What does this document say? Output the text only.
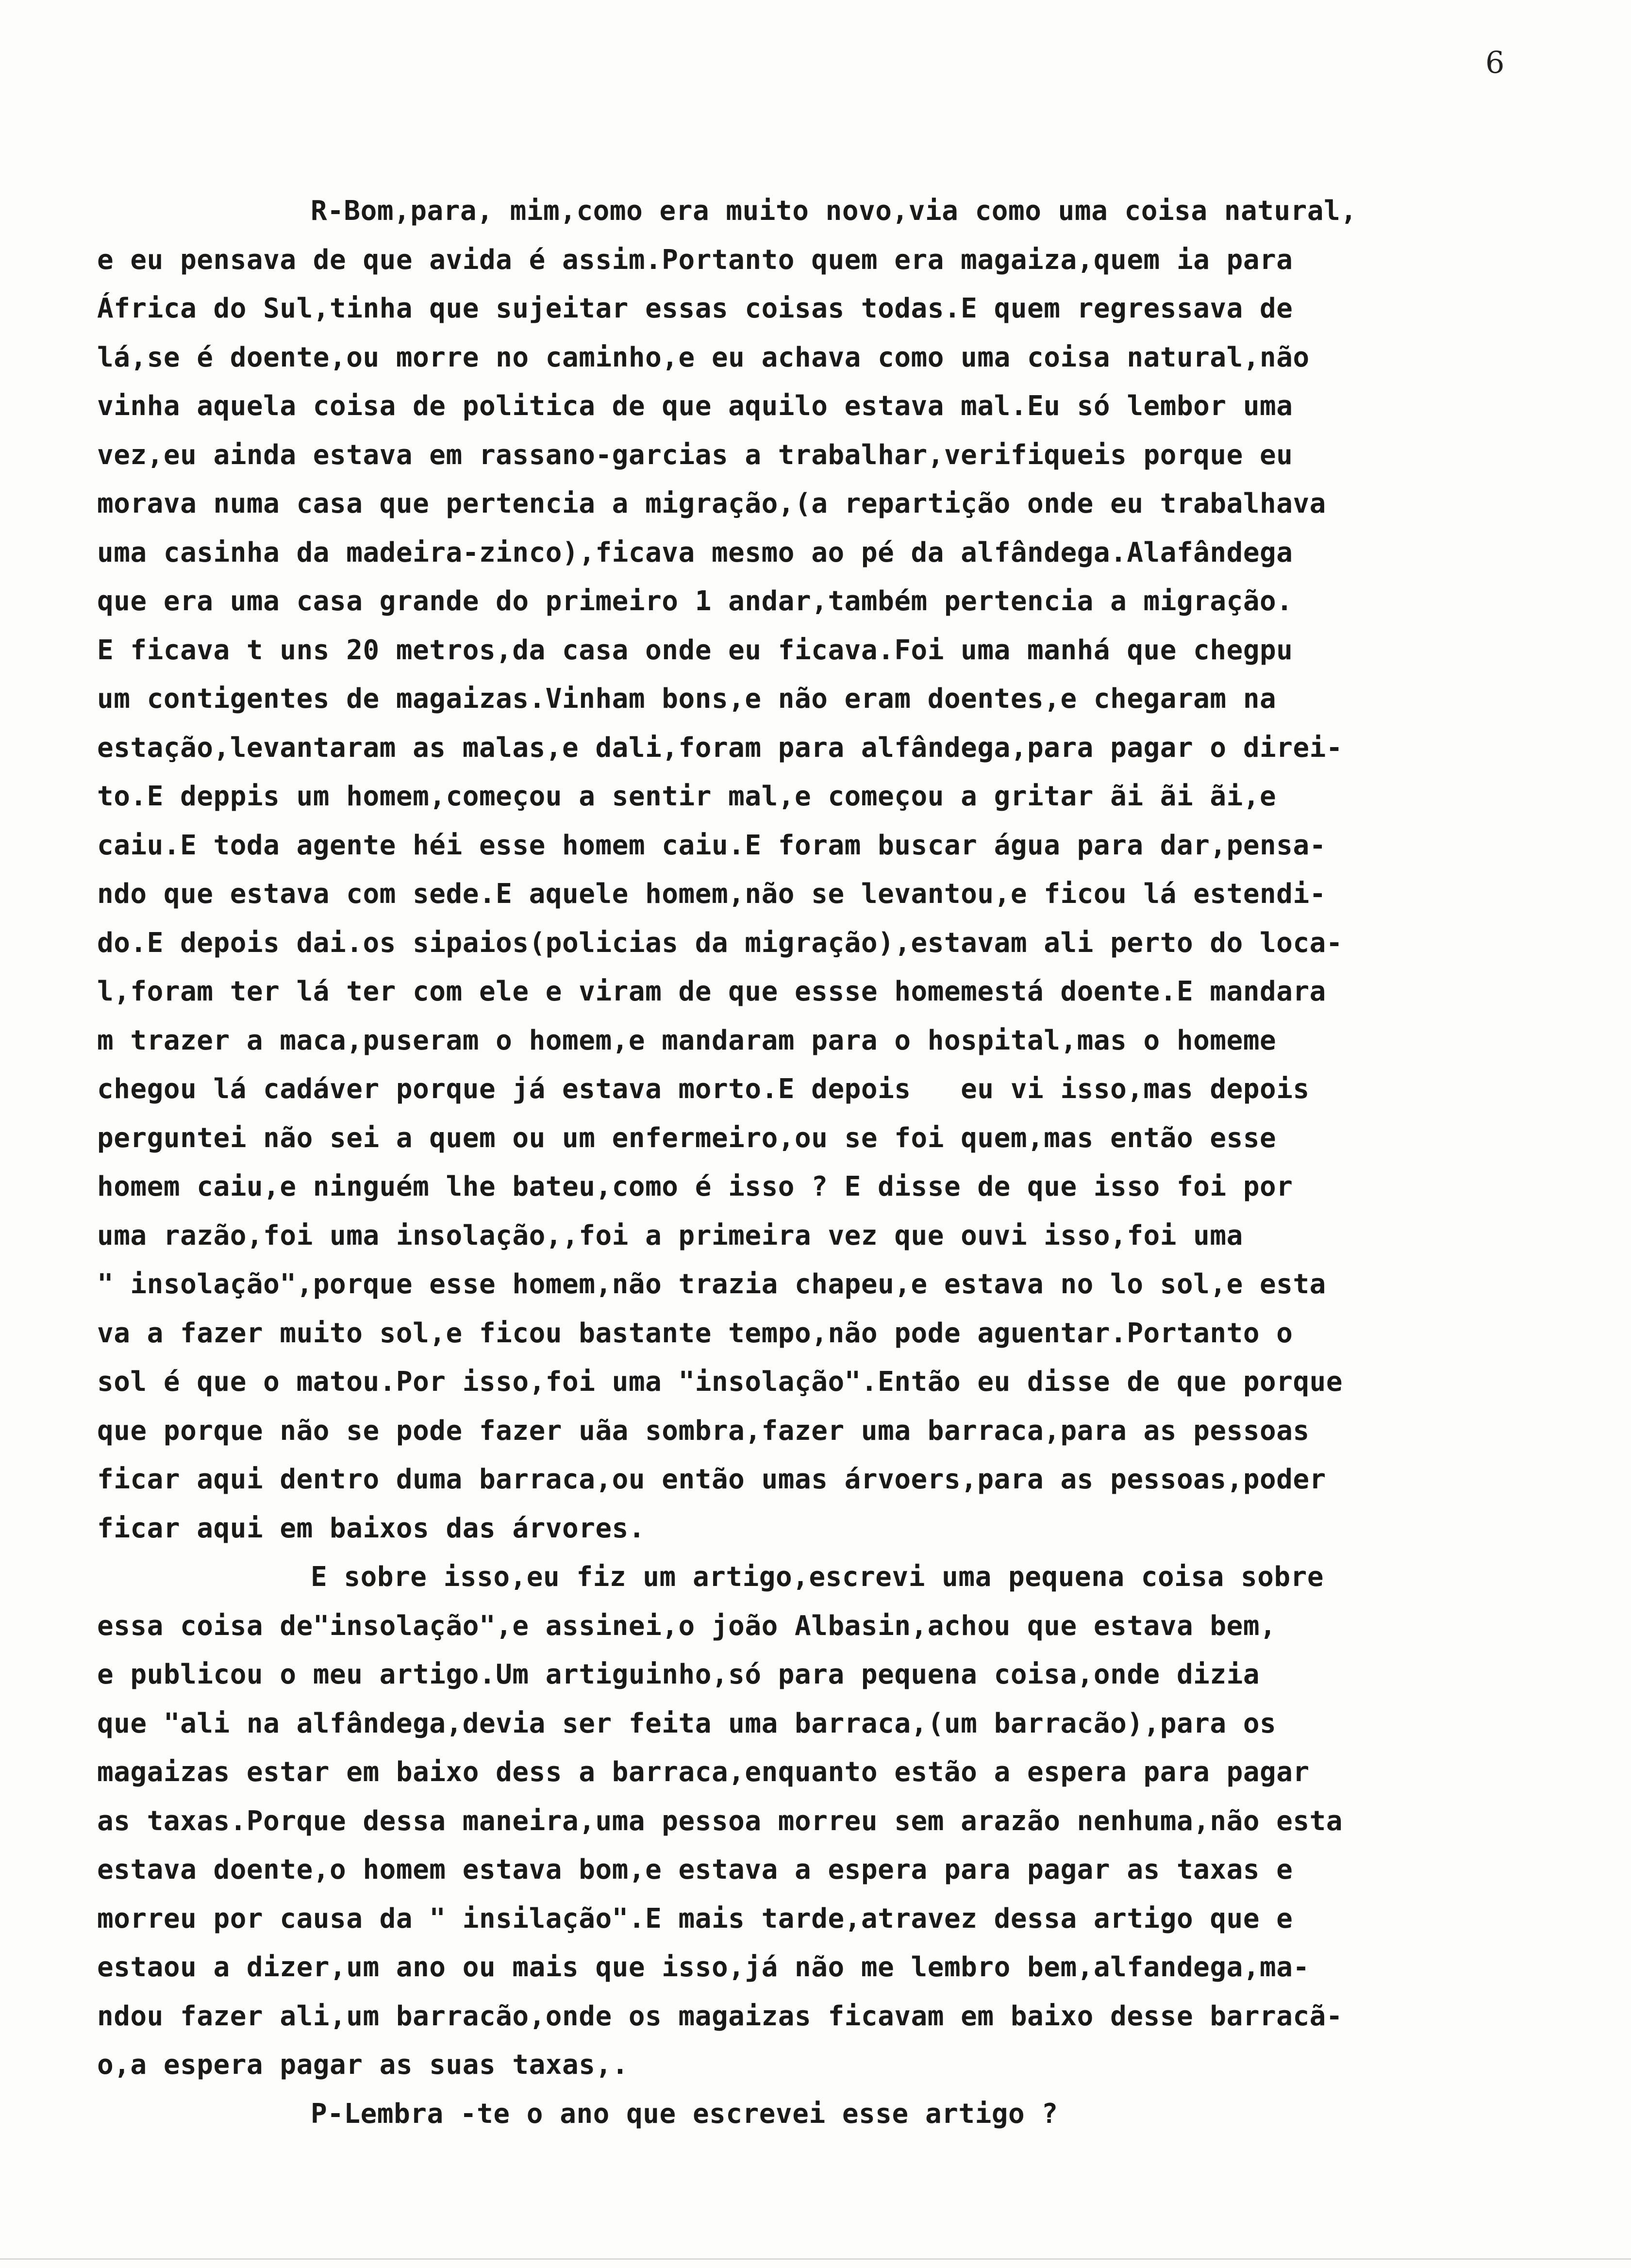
6
R-Bom,para, mim,como era muito novo,via como uma coisa natural,
e eu pensava de que avida é assim.Portanto quem era magaiza,quem ia para
África do Sul,tinha que sujeitar essas coisas todas.E quem regressava de
lá,se é doente,ou morre no caminho,e eu achava como uma coisa natural,não
vinha aquela coisa de politica de que aquilo estava mal.Eu só lembor uma
vez,eu ainda estava em rassano-garcias a trabalhar,verifiqueis porque eu
morava numa casa que pertencia a migração,(a repartição onde eu trabalhava
uma casinha da madeira-zinco),ficava mesmo ao pé da alfândega.Alafândega
que era uma casa grande do primeiro 1 andar,também pertencia a migração.
E ficava t uns 20 metros,da casa onde eu ficava.Foi uma manhá que chegpu
um contigentes de magaizas.Vinham bons,e não eram doentes,e chegaram na
estação,levantaram as malas,e dali,foram para alfândega,para pagar o direi-
to.E deppis um homem,começou a sentir mal,e começou a gritar ãi ãi ãi,e
caiu.E toda agente héi esse homem caiu.E foram buscar água para dar,pensa-
ndo que estava com sede.E aquele homem,não se levantou,e ficou lá estendi-
do.E depois dai.os sipaios(policias da migração),estavam ali perto do loca-
l,foram ter lá ter com ele e viram de que essse homemestá doente.E mandara
m trazer a maca,puseram o homem,e mandaram para o hospital,mas o homeme
chegou lá cadáver porque já estava morto.E depois   eu vi isso,mas depois
perguntei não sei a quem ou um enfermeiro,ou se foi quem,mas então esse
homem caiu,e ninguém lhe bateu,como é isso ? E disse de que isso foi por
uma razão,foi uma insolação,,foi a primeira vez que ouvi isso,foi uma
" insolação",porque esse homem,não trazia chapeu,e estava no lo sol,e esta
va a fazer muito sol,e ficou bastante tempo,não pode aguentar.Portanto o
sol é que o matou.Por isso,foi uma "insolação".Então eu disse de que porque
que porque não se pode fazer uãa sombra,fazer uma barraca,para as pessoas
ficar aqui dentro duma barraca,ou então umas árvoers,para as pessoas,poder
ficar aqui em baixos das árvores.
E sobre isso,eu fiz um artigo,escrevi uma pequena coisa sobre
essa coisa de"insolação",e assinei,o joão Albasin,achou que estava bem,
e publicou o meu artigo.Um artiguinho,só para pequena coisa,onde dizia
que "ali na alfândega,devia ser feita uma barraca,(um barracão),para os
magaizas estar em baixo dess a barraca,enquanto estão a espera para pagar
as taxas.Porque dessa maneira,uma pessoa morreu sem arazão nenhuma,não esta
estava doente,o homem estava bom,e estava a espera para pagar as taxas e
morreu por causa da " insilação".E mais tarde,atravez dessa artigo que e
estaou a dizer,um ano ou mais que isso,já não me lembro bem,alfandega,ma-
ndou fazer ali,um barracão,onde os magaizas ficavam em baixo desse barracã-
o,a espera pagar as suas taxas,.
P-Lembra -te o ano que escrevei esse artigo ?
